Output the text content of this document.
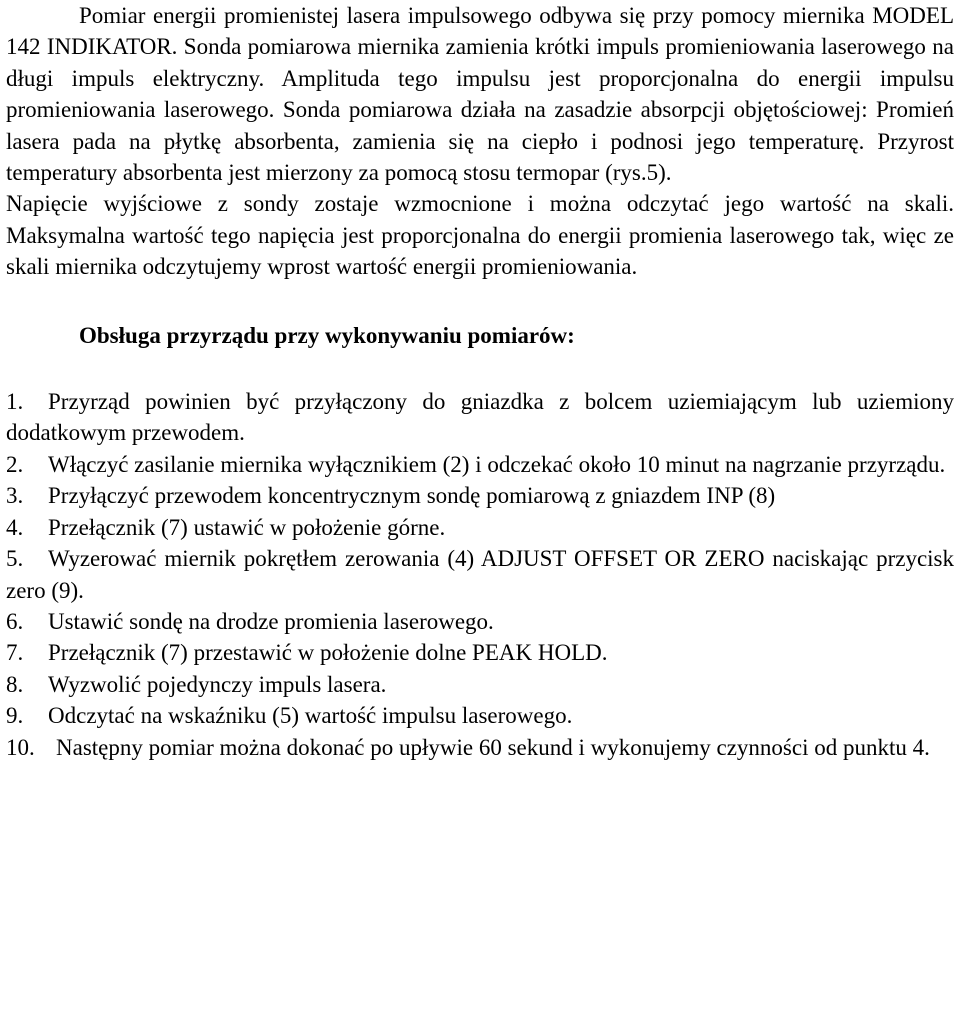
Pomiar energii promienistej lasera impulsowego odbywa się przy pomocy miernika MODEL 142 INDIKATOR. Sonda pomiarowa miernika zamienia krótki impuls promieniowania laserowego na długi impuls elektryczny. Amplituda tego impulsu jest proporcjonalna do energii impulsu promieniowania laserowego. Sonda pomiarowa działa na zasadzie absorpcji objętościowej: Promień lasera pada na płytkę absorbenta, zamienia się na ciepło i podnosi jego temperaturę. Przyrost temperatury absorbenta jest mierzony za pomocą stosu termopar (rys.5).

Napięcie wyjściowe z sondy zostaje wzmocnione i można odczytać jego wartość na skali. Maksymalna wartość tego napięcia jest proporcjonalna do energii promienia laserowego tak, więc ze skali miernika odczytujemy wprost wartość energii promieniowania.

Obsługa przyrządu przy wykonywaniu pomiarów:
1. Przyrząd powinien być przyłączony do gniazdka z bolcem uziemiającym lub uziemiony dodatkowym przewodem.
2. Włączyć zasilanie miernika wyłącznikiem (2) i odczekać około 10 minut na nagrzanie przyrządu.
3. Przyłączyć przewodem koncentrycznym sondę pomiarową z gniazdem INP (8)
4. Przełącznik (7) ustawić w położenie górne.
5. Wyzerować miernik pokrętłem zerowania (4) ADJUST OFFSET OR ZERO naciskając przycisk zero (9).
6. Ustawić sondę na drodze promienia laserowego.
7. Przełącznik (7) przestawić w położenie dolne PEAK HOLD.
8. Wyzwolić pojedynczy impuls lasera.
9. Odczytać na wskaźniku (5) wartość impulsu laserowego.
10. Następny pomiar można dokonać po upływie 60 sekund i wykonujemy czynności od punktu 4.
